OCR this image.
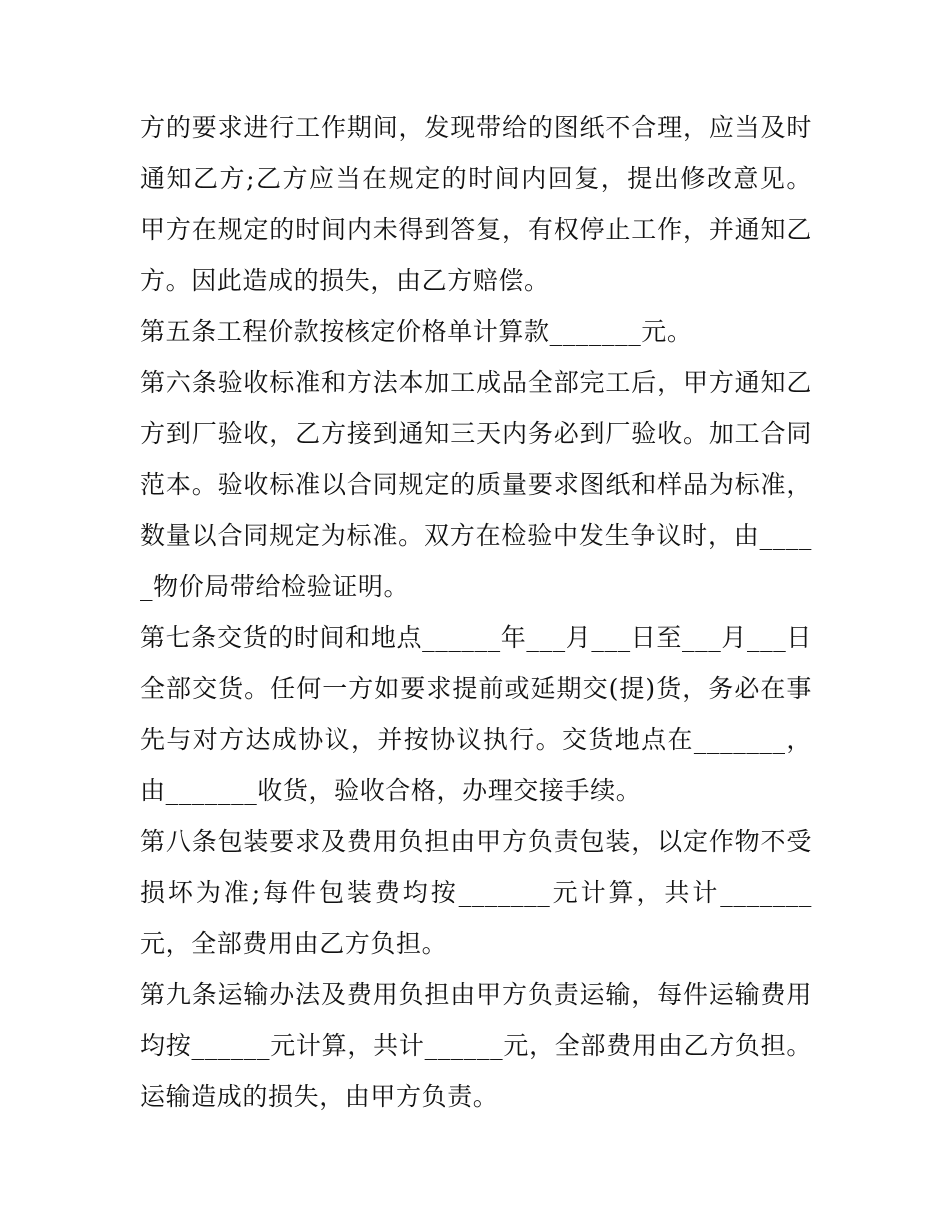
方的要求进行工作期间，发现带给的图纸不合理，应当及时通知乙方;乙方应当在规定的时间内回复，提出修改意见。甲方在规定的时间内未得到答复，有权停止工作，并通知乙方。因此造成的损失，由乙方赔偿。

第五条工程价款按核定价格单计算款_______元。

第六条验收标准和方法本加工成品全部完工后，甲方通知乙方到厂验收，乙方接到通知三天内务必到厂验收。加工合同范本。验收标准以合同规定的质量要求图纸和样品为标准，数量以合同规定为标准。双方在检验中发生争议时，由_____物价局带给检验证明。

第七条交货的时间和地点______年___月___日至___月___日全部交货。任何一方如要求提前或延期交(提)货，务必在事先与对方达成协议，并按协议执行。交货地点在_______，由_______收货，验收合格，办理交接手续。

第八条包装要求及费用负担由甲方负责包装，以定作物不受损坏为准;每件包装费均按_______元计算，共计_______元，全部费用由乙方负担。

第九条运输办法及费用负担由甲方负责运输，每件运输费用均按______元计算，共计______元，全部费用由乙方负担。运输造成的损失，由甲方负责。
